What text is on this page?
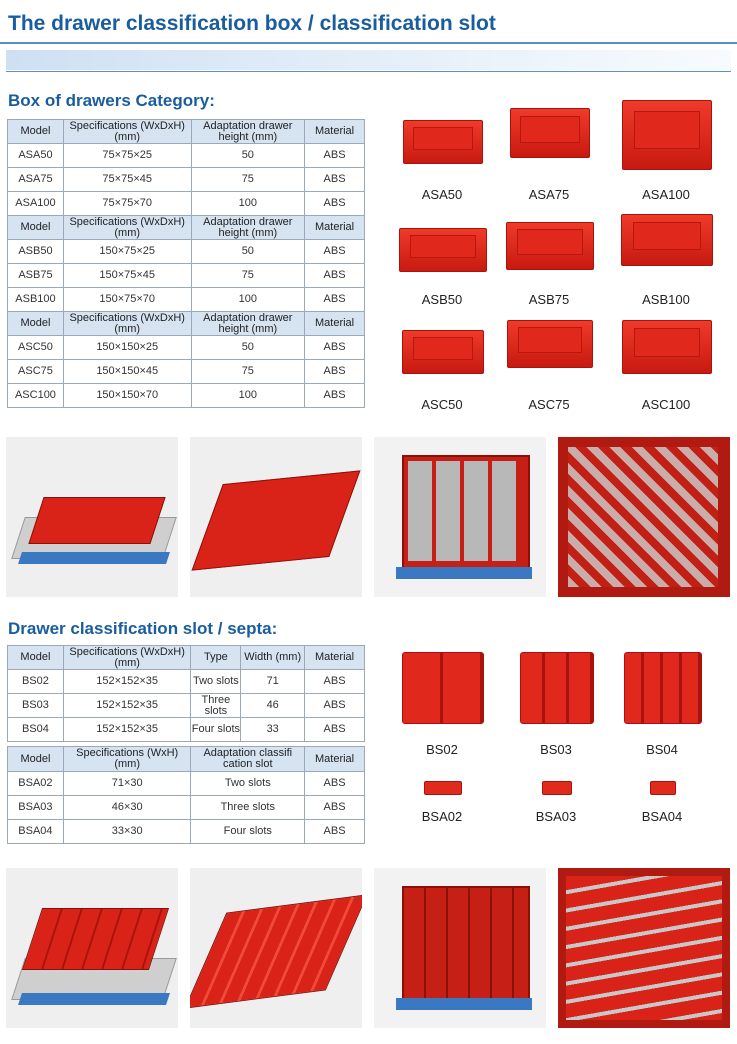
The drawer classification box / classification slot
Box of drawers Category:
Model	Specifications (WxDxH)(mm)	Adaptation drawer height (mm)	Material
ASA50	75×75×25	50	ABS
ASA75	75×75×45	75	ABS
ASA100	75×75×70	100	ABS
Model	Specifications (WxDxH)(mm)	Adaptation drawer height (mm)	Material
ASB50	150×75×25	50	ABS
ASB75	150×75×45	75	ABS
ASB100	150×75×70	100	ABS
Model	Specifications (WxDxH)(mm)	Adaptation drawer height (mm)	Material
ASC50	150×150×25	50	ABS
ASC75	150×150×45	75	ABS
ASC100	150×150×70	100	ABS
ASA50	ASA75	ASA100
ASB50	ASB75	ASB100
ASC50	ASC75	ASC100
Drawer classification slot / septa:
Model	Specifications (WxDxH)(mm)	Type	Width (mm)	Material
BS02	152×152×35	Two slots	71	ABS
BS03	152×152×35	Three slots	46	ABS
BS04	152×152×35	Four slots	33	ABS
Model	Specifications (WxH)(mm)	Adaptation classifi cation slot	Material
BSA02	71×30	Two slots	ABS
BSA03	46×30	Three slots	ABS
BSA04	33×30	Four slots	ABS
BS02	BS03	BS04
BSA02	BSA03	BSA04
